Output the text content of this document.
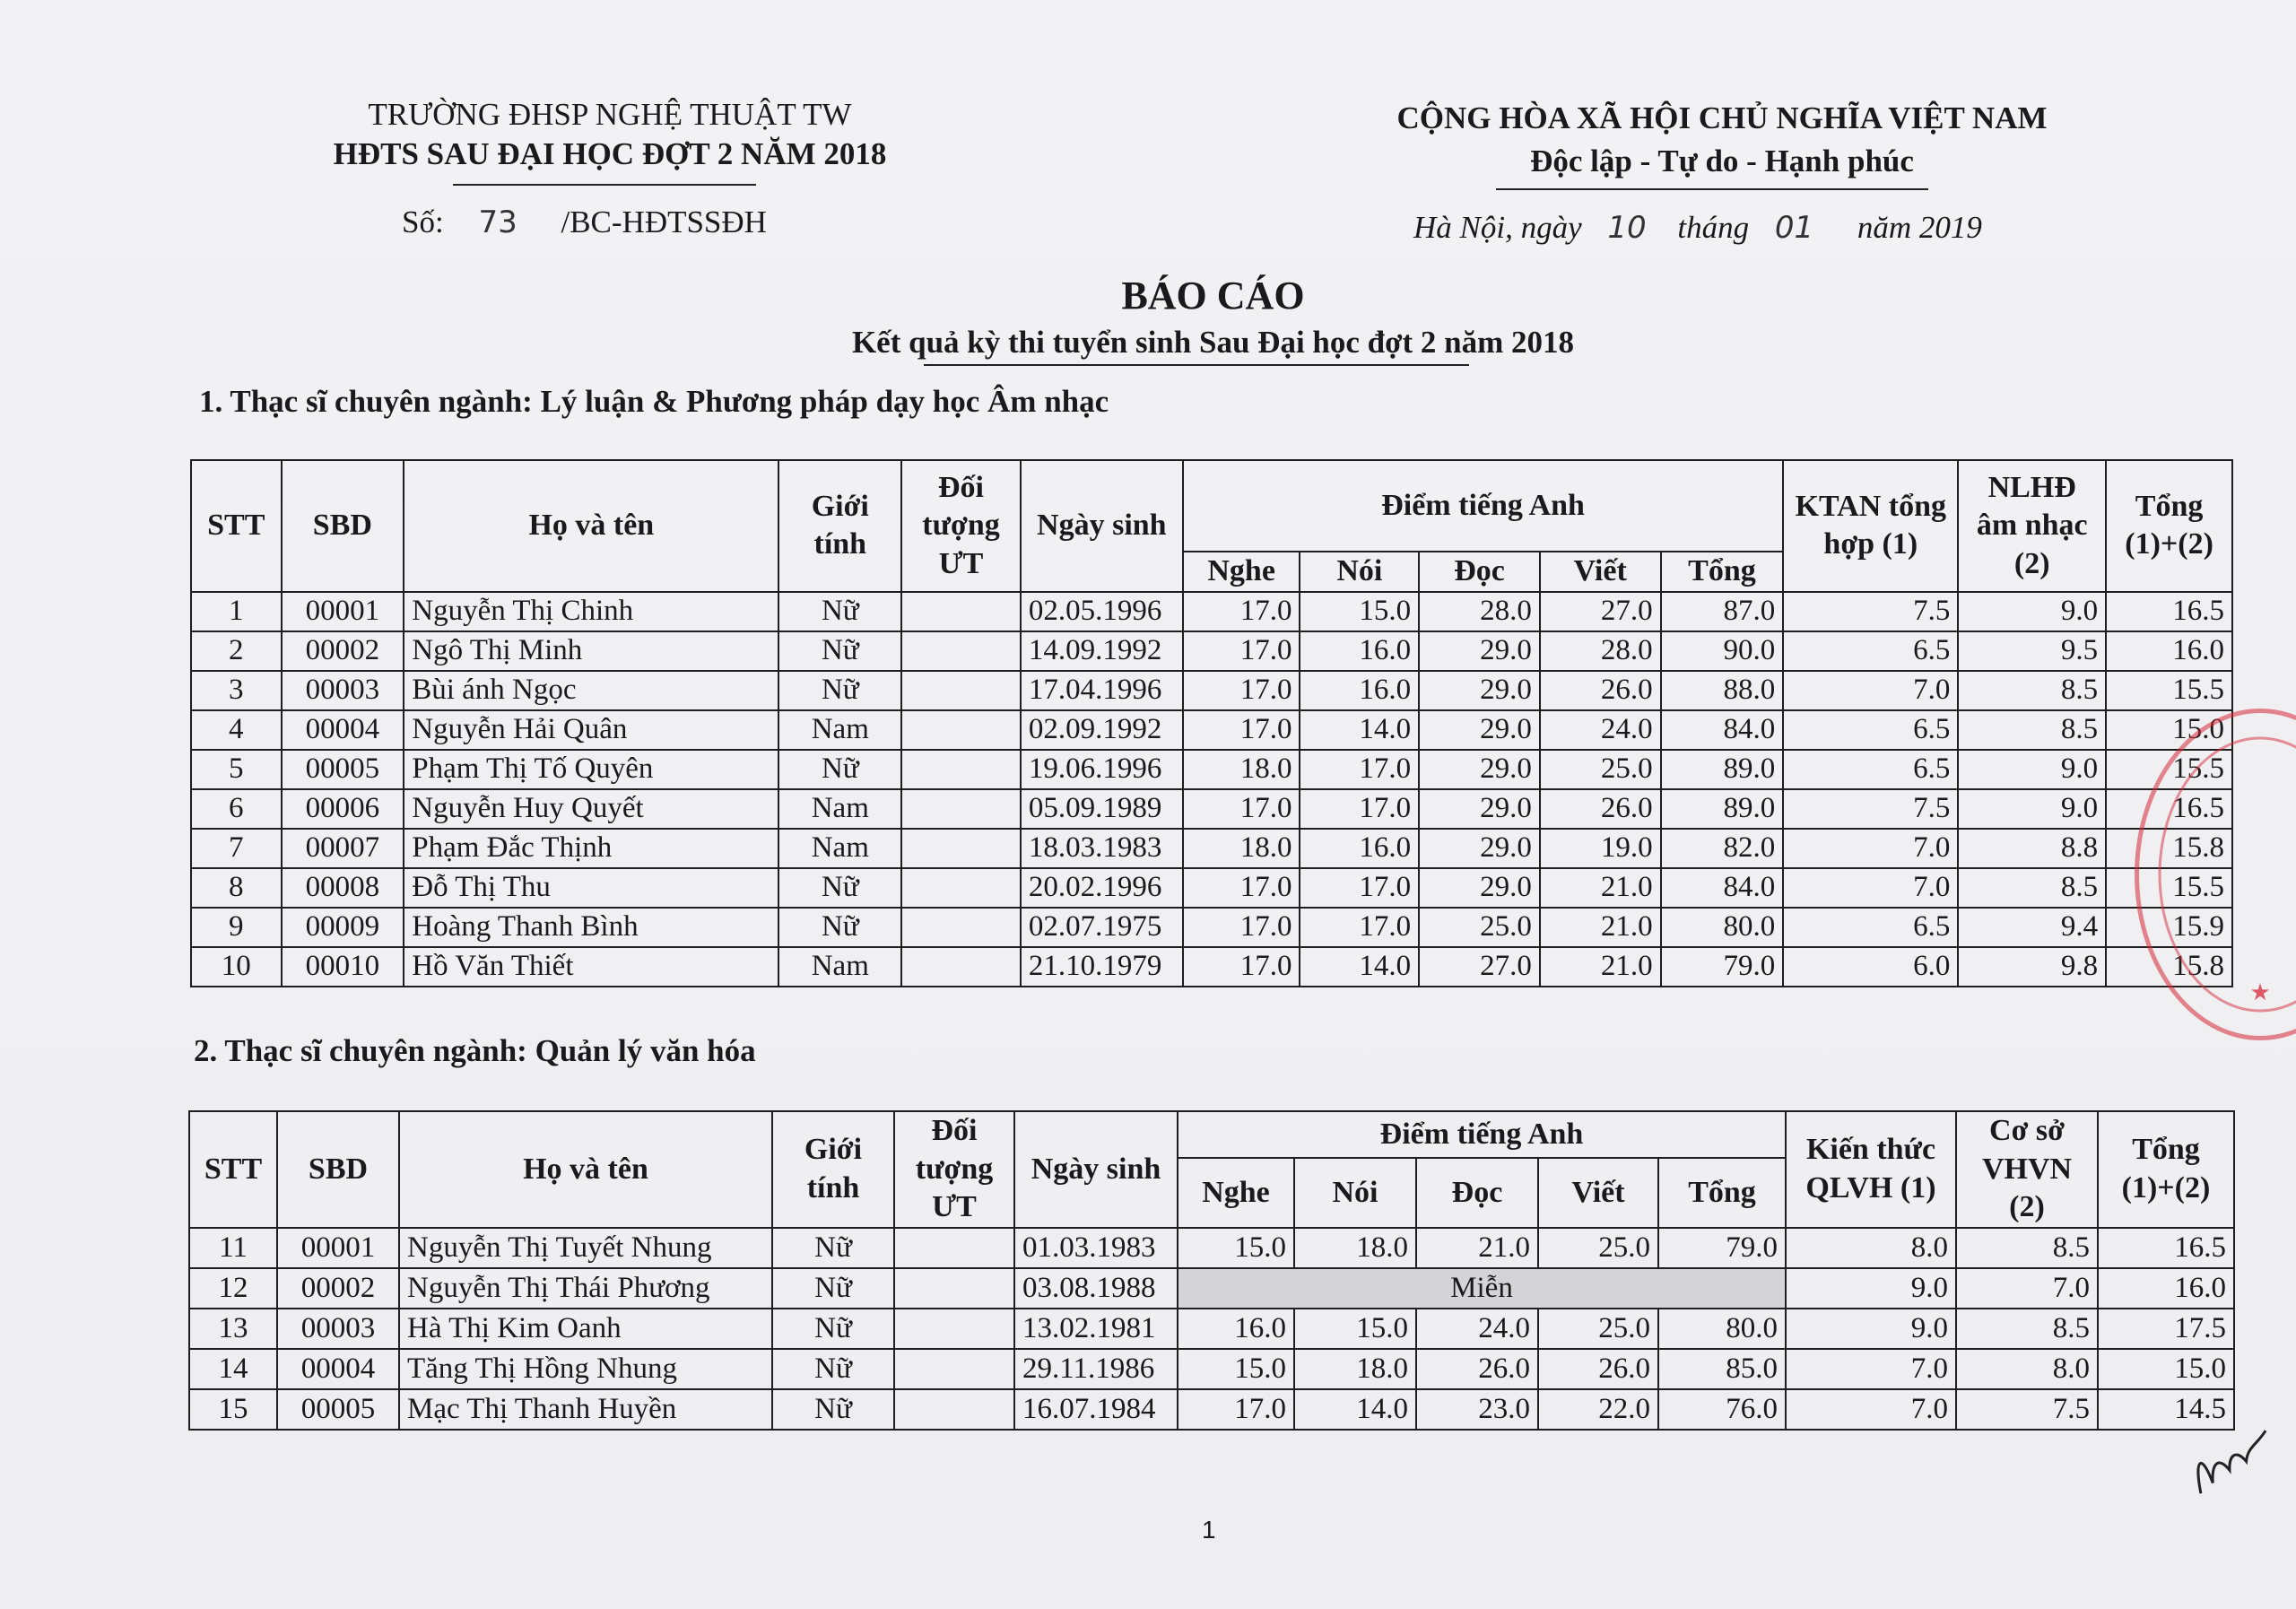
TRƯỜNG ĐHSP NGHỆ THUẬT TW
HĐTS SAU ĐẠI HỌC ĐỢT 2 NĂM 2018
Số: 73 /BC-HĐTSSĐH
CỘNG HÒA XÃ HỘI CHỦ NGHĨA VIỆT NAM
Độc lập - Tự do - Hạnh phúc
Hà Nội, ngày 10 tháng 01 năm 2019
BÁO CÁO
Kết quả kỳ thi tuyển sinh Sau Đại học đợt 2 năm 2018
1. Thạc sĩ chuyên ngành: Lý luận & Phương pháp dạy học Âm nhạc
STT	SBD	Họ và tên	Giới tính	Đối tượng ƯT	Ngày sinh	Điểm tiếng Anh					KTAN tổng hợp (1)	NLHĐ âm nhạc (2)	Tổng (1)+(2)
						Nghe	Nói	Đọc	Viết	Tổng			
1	00001	Nguyễn Thị Chinh	Nữ		02.05.1996	17.0	15.0	28.0	27.0	87.0	7.5	9.0	16.5
2	00002	Ngô Thị Minh	Nữ		14.09.1992	17.0	16.0	29.0	28.0	90.0	6.5	9.5	16.0
3	00003	Bùi ánh Ngọc	Nữ		17.04.1996	17.0	16.0	29.0	26.0	88.0	7.0	8.5	15.5
4	00004	Nguyễn Hải Quân	Nam		02.09.1992	17.0	14.0	29.0	24.0	84.0	6.5	8.5	15.0
5	00005	Phạm Thị Tố Quyên	Nữ		19.06.1996	18.0	17.0	29.0	25.0	89.0	6.5	9.0	15.5
6	00006	Nguyễn Huy Quyết	Nam		05.09.1989	17.0	17.0	29.0	26.0	89.0	7.5	9.0	16.5
7	00007	Phạm Đắc Thịnh	Nam		18.03.1983	18.0	16.0	29.0	19.0	82.0	7.0	8.8	15.8
8	00008	Đỗ Thị Thu	Nữ		20.02.1996	17.0	17.0	29.0	21.0	84.0	7.0	8.5	15.5
9	00009	Hoàng Thanh Bình	Nữ		02.07.1975	17.0	17.0	25.0	21.0	80.0	6.5	9.4	15.9
10	00010	Hồ Văn Thiết	Nam		21.10.1979	17.0	14.0	27.0	21.0	79.0	6.0	9.8	15.8
2. Thạc sĩ chuyên ngành: Quản lý văn hóa
STT	SBD	Họ và tên	Giới tính	Đối tượng ƯT	Ngày sinh	Điểm tiếng Anh					Kiến thức QLVH (1)	Cơ sở VHVN (2)	Tổng (1)+(2)
						Nghe	Nói	Đọc	Viết	Tổng			
11	00001	Nguyễn Thị Tuyết Nhung	Nữ		01.03.1983	15.0	18.0	21.0	25.0	79.0	8.0	8.5	16.5
12	00002	Nguyễn Thị Thái Phương	Nữ		03.08.1988	Miễn					9.0	7.0	16.0
13	00003	Hà Thị Kim Oanh	Nữ		13.02.1981	16.0	15.0	24.0	25.0	80.0	9.0	8.5	17.5
14	00004	Tăng Thị Hồng Nhung	Nữ		29.11.1986	15.0	18.0	26.0	26.0	85.0	7.0	8.0	15.0
15	00005	Mạc Thị Thanh Huyền	Nữ		16.07.1984	17.0	14.0	23.0	22.0	76.0	7.0	7.5	14.5
★
1
